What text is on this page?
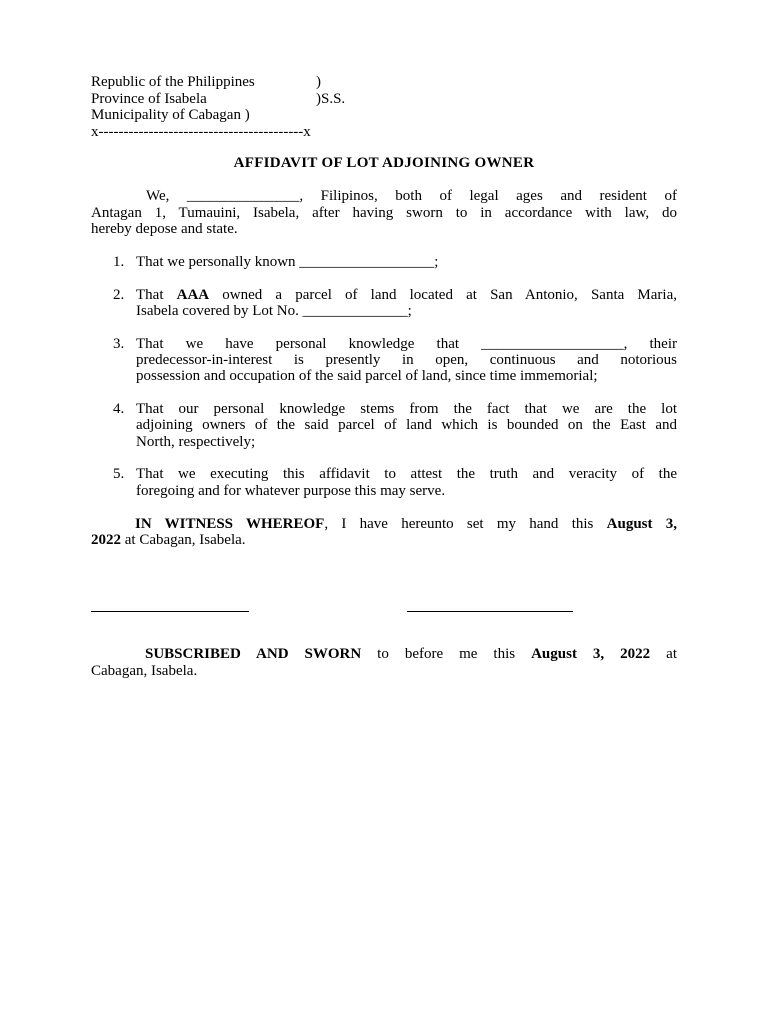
Republic of the Philippines	)
Province of Isabela	)S.S.
Municipality of Cabagan )
x-----------------------------------------x
AFFIDAVIT OF LOT ADJOINING OWNER
We, _______________, Filipinos, both of legal ages and resident of
Antagan 1, Tumauini, Isabela, after having sworn to in accordance with law, do
hereby depose and state.
1. That we personally known __________________;
2. That AAA owned a parcel of land located at San Antonio, Santa Maria,
Isabela covered by Lot No. ______________;
3. That we have personal knowledge that ___________________, their
predecessor-in-interest is presently in open, continuous and notorious
possession and occupation of the said parcel of land, since time immemorial;
4. That our personal knowledge stems from the fact that we are the lot
adjoining owners of the said parcel of land which is bounded on the East and
North, respectively;
5. That we executing this affidavit to attest the truth and veracity of the
foregoing and for whatever purpose this may serve.
IN WITNESS WHEREOF, I have hereunto set my hand this August 3,
2022 at Cabagan, Isabela.
SUBSCRIBED AND SWORN to before me this August 3, 2022 at
Cabagan, Isabela.
